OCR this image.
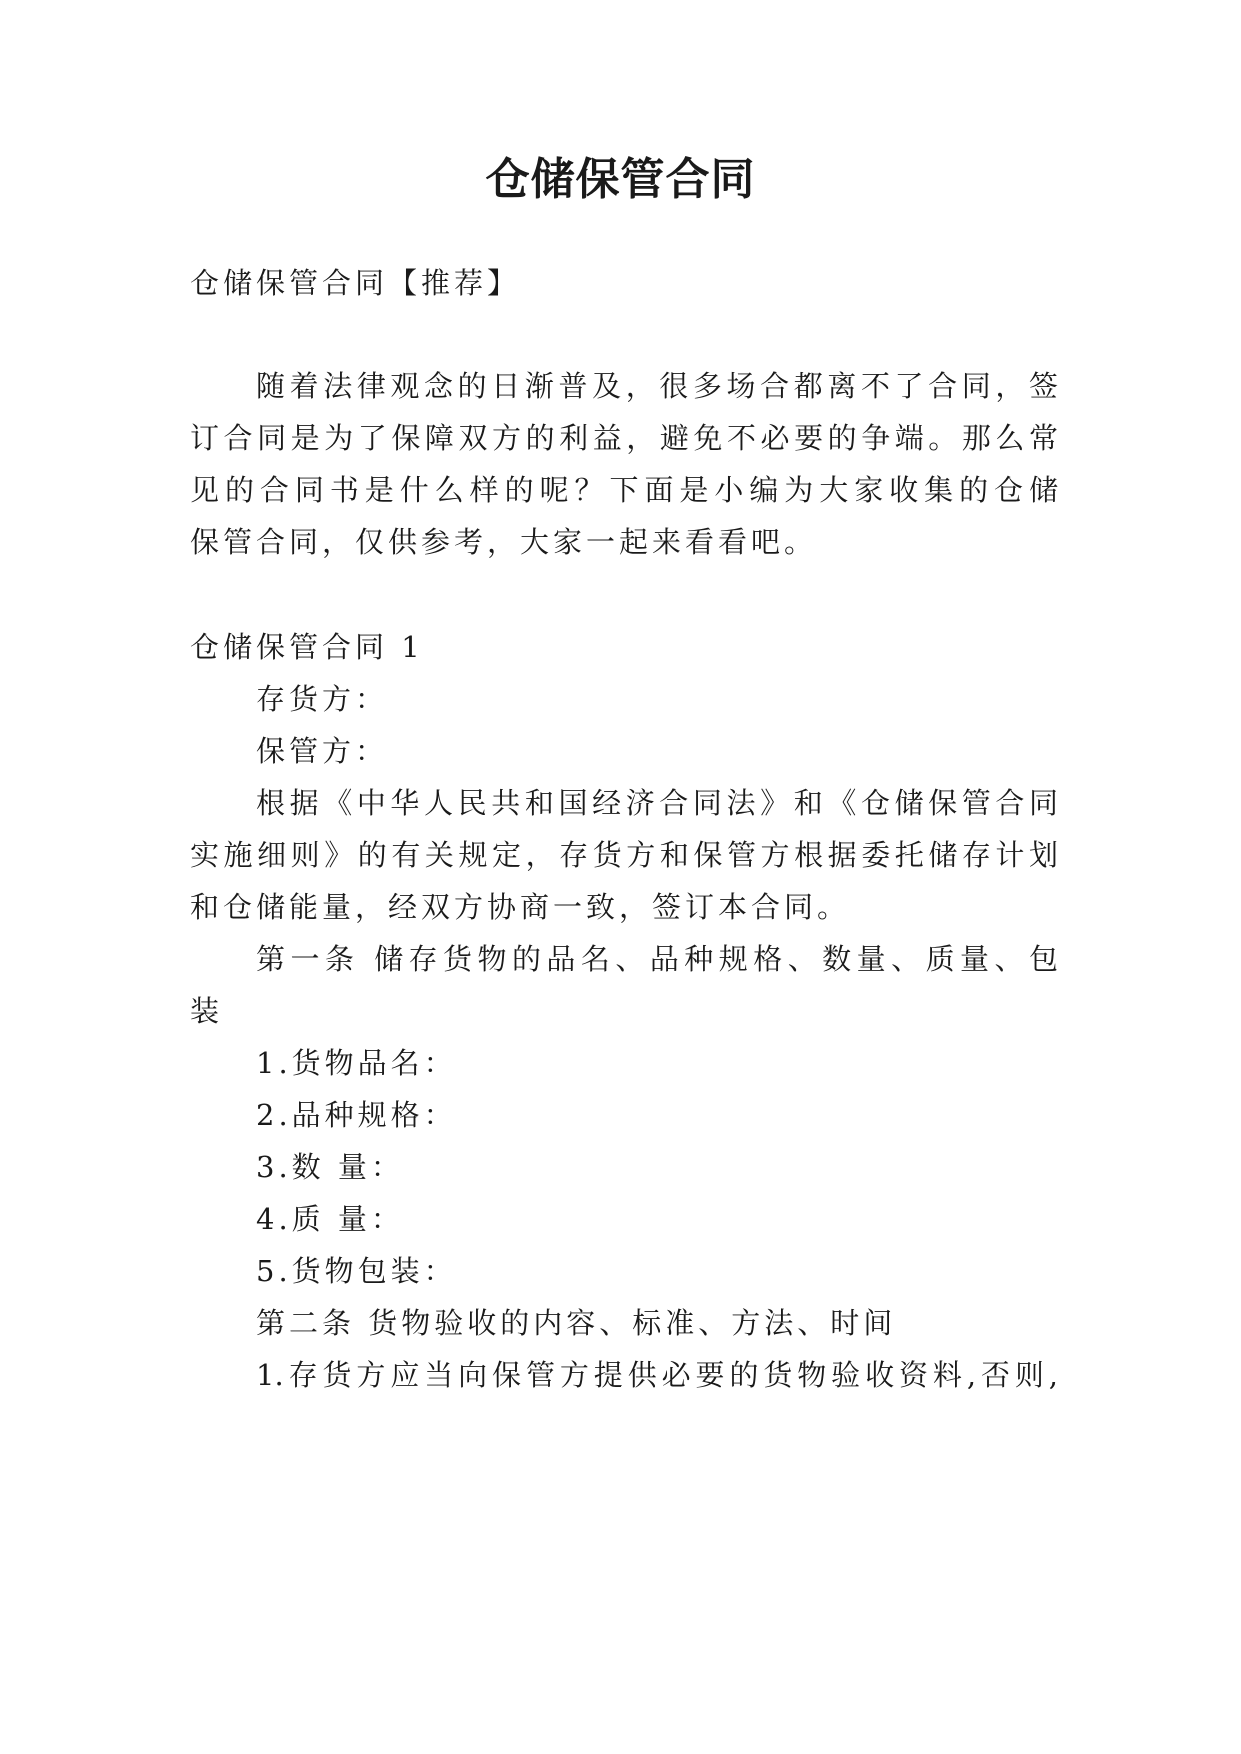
仓储保管合同

仓储保管合同【推荐】

随着法律观念的日渐普及，很多场合都离不了合同，签

订合同是为了保障双方的利益，避免不必要的争端。那么常

见的合同书是什么样的呢？下面是小编为大家收集的仓储

保管合同，仅供参考，大家一起来看看吧。

仓储保管合同 1

存货方：

保管方：

根据《中华人民共和国经济合同法》和《仓储保管合同

实施细则》的有关规定，存货方和保管方根据委托储存计划

和仓储能量，经双方协商一致，签订本合同。

第一条 储存货物的品名、品种规格、数量、质量、包

装

1.货物品名：

2.品种规格：

3.数 量：

4.质 量：

5.货物包装：

第二条 货物验收的内容、标准、方法、时间

1.存货方应当向保管方提供必要的货物验收资料,否则,
